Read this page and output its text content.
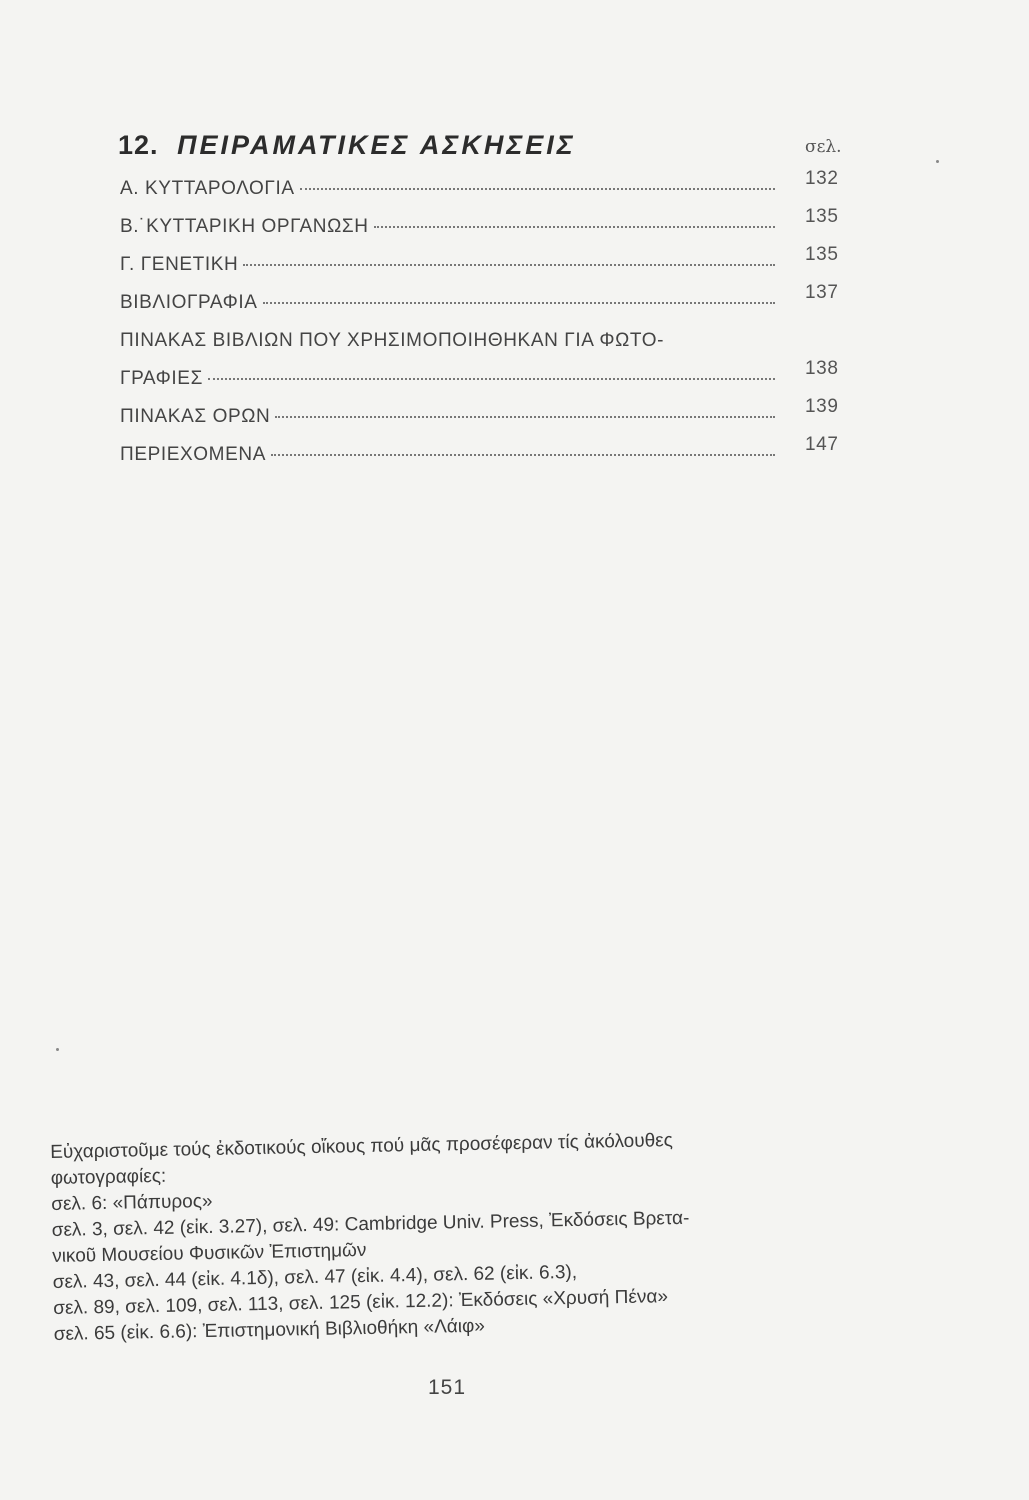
12. ΠΕΙΡΑΜΑΤΙΚΕΣ ΑΣΚΗΣΕΙΣ	σελ.
Α. ΚΥΤΤΑΡΟΛΟΓΙΑ	132
Β.˙ΚΥΤΤΑΡΙΚΗ ΟΡΓΑΝΩΣΗ	135
Γ. ΓΕΝΕΤΙΚΗ	135
ΒΙΒΛΙΟΓΡΑΦΙΑ	137
ΠΙΝΑΚΑΣ ΒΙΒΛΙΩΝ ΠΟΥ ΧΡΗΣΙΜΟΠΟΙΗΘΗΚΑΝ ΓΙΑ ΦΩΤΟ-
ΓΡΑΦΙΕΣ	138
ΠΙΝΑΚΑΣ ΟΡΩΝ	139
ΠΕΡΙΕΧΟΜΕΝΑ	147

Εὐχαριστοῦμε τούς ἐκδοτικούς οἴκους πού μᾶς προσέφεραν τίς ἀκόλουθες

φωτογραφίες:

σελ. 6: «Πάπυρος»

σελ. 3, σελ. 42 (εἰκ. 3.27), σελ. 49: Cambridge Univ. Press, Ἐκδόσεις Βρετα-

νικοῦ Μουσείου Φυσικῶν Ἐπιστημῶν

σελ. 43, σελ. 44 (εἰκ. 4.1δ), σελ. 47 (εἰκ. 4.4), σελ. 62 (εἰκ. 6.3),

σελ. 89, σελ. 109, σελ. 113, σελ. 125 (εἰκ. 12.2): Ἐκδόσεις «Χρυσή Πένα»

σελ. 65 (εἰκ. 6.6): Ἐπιστημονική Βιβλιοθήκη «Λάιφ»

151
